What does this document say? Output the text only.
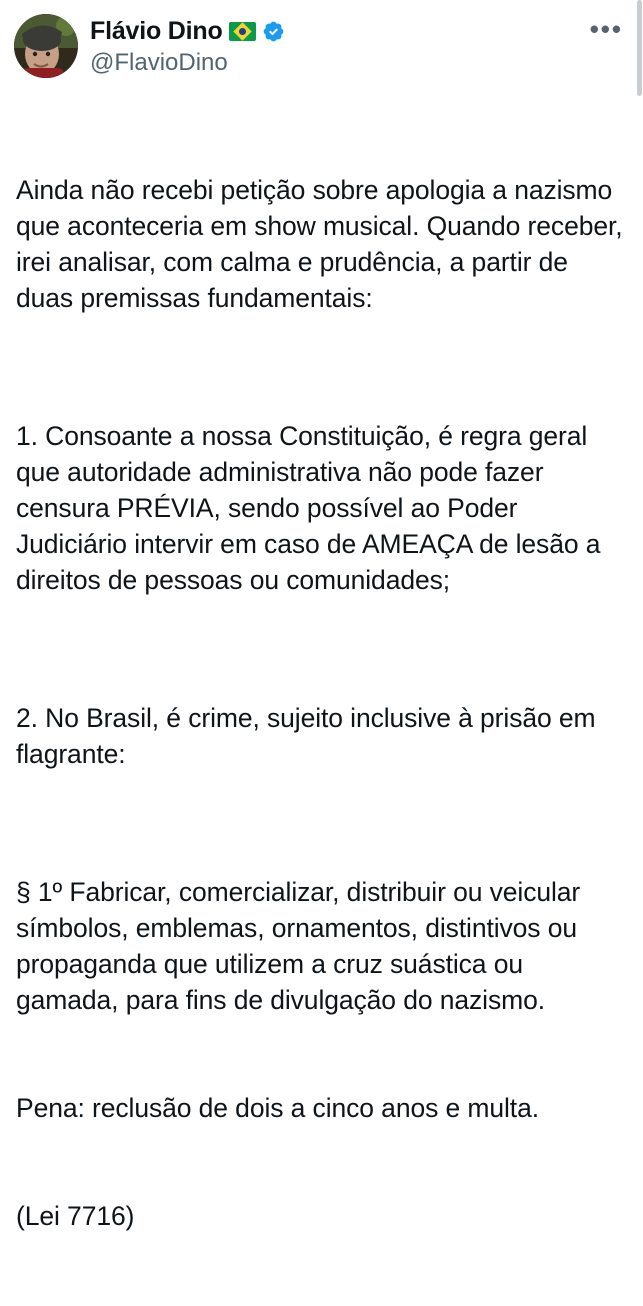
Flávio Dino
@FlavioDino
•••

Ainda não recebi petição sobre apologia a nazismo que aconteceria em show musical. Quando receber, irei analisar, com calma e prudência, a partir de duas premissas fundamentais:

1. Consoante a nossa Constituição, é regra geral que autoridade administrativa não pode fazer censura PRÉVIA, sendo possível ao Poder Judiciário intervir em caso de AMEAÇA de lesão a direitos de pessoas ou comunidades;

2. No Brasil, é crime, sujeito inclusive à prisão em flagrante:

§ 1º Fabricar, comercializar, distribuir ou veicular símbolos, emblemas, ornamentos, distintivos ou propaganda que utilizem a cruz suástica ou gamada, para fins de divulgação do nazismo.

Pena: reclusão de dois a cinco anos e multa.

(Lei 7716)
